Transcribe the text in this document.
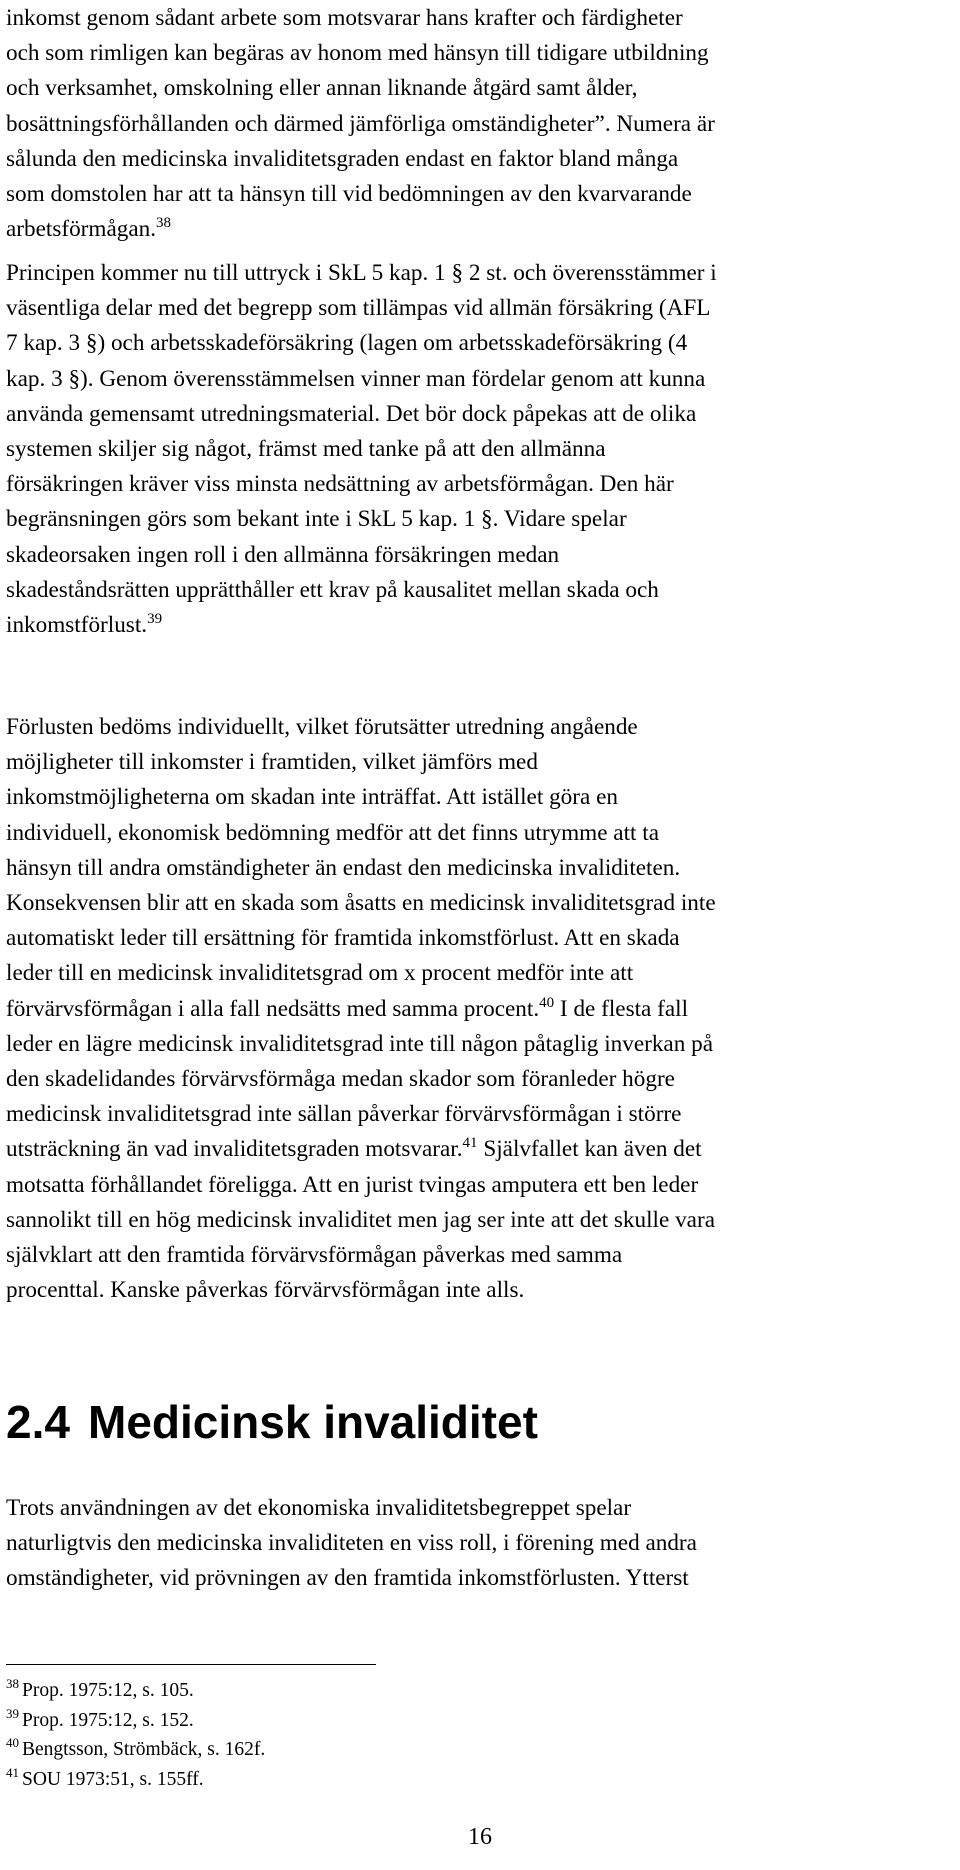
inkomst genom sådant arbete som motsvarar hans krafter och färdigheter
och som rimligen kan begäras av honom med hänsyn till tidigare utbildning
och verksamhet, omskolning eller annan liknande åtgärd samt ålder,
bosättningsförhållanden och därmed jämförliga omständigheter”. Numera är
sålunda den medicinska invaliditetsgraden endast en faktor bland många
som domstolen har att ta hänsyn till vid bedömningen av den kvarvarande
arbetsförmågan.$^{38}$

Principen kommer nu till uttryck i SkL 5 kap. 1 § 2 st. och överensstämmer i
väsentliga delar med det begrepp som tillämpas vid allmän försäkring (AFL
7 kap. 3 §) och arbetsskadeförsäkring (lagen om arbetsskadeförsäkring (4
kap. 3 §). Genom överensstämmelsen vinner man fördelar genom att kunna
använda gemensamt utredningsmaterial. Det bör dock påpekas att de olika
systemen skiljer sig något, främst med tanke på att den allmänna
försäkringen kräver viss minsta nedsättning av arbetsförmågan. Den här
begränsningen görs som bekant inte i SkL 5 kap. 1 §. Vidare spelar
skadeorsaken ingen roll i den allmänna försäkringen medan
skadeståndsrätten upprätthåller ett krav på kausalitet mellan skada och
inkomstförlust.$^{39}$

Förlusten bedöms individuellt, vilket förutsätter utredning angående
möjligheter till inkomster i framtiden, vilket jämförs med
inkomstmöjligheterna om skadan inte inträffat. Att istället göra en
individuell, ekonomisk bedömning medför att det finns utrymme att ta
hänsyn till andra omständigheter än endast den medicinska invaliditeten.
Konsekvensen blir att en skada som åsatts en medicinsk invaliditetsgrad inte
automatiskt leder till ersättning för framtida inkomstförlust. Att en skada
leder till en medicinsk invaliditetsgrad om x procent medför inte att
förvärvsförmågan i alla fall nedsätts med samma procent.$^{40}$ I de flesta fall
leder en lägre medicinsk invaliditetsgrad inte till någon påtaglig inverkan på
den skadelidandes förvärvsförmåga medan skador som föranleder högre
medicinsk invaliditetsgrad inte sällan påverkar förvärvsförmågan i större
utsträckning än vad invaliditetsgraden motsvarar.$^{41}$ Självfallet kan även det
motsatta förhållandet föreligga. Att en jurist tvingas amputera ett ben leder
sannolikt till en hög medicinsk invaliditet men jag ser inte att det skulle vara
självklart att den framtida förvärvsförmågan påverkas med samma
procenttal. Kanske påverkas förvärvsförmågan inte alls.

2.4 Medicinsk invaliditet

Trots användningen av det ekonomiska invaliditetsbegreppet spelar
naturligtvis den medicinska invaliditeten en viss roll, i förening med andra
omständigheter, vid prövningen av den framtida inkomstförlusten. Ytterst

$^{38}$ Prop. 1975:12, s. 105.
$^{39}$ Prop. 1975:12, s. 152.
$^{40}$ Bengtsson, Strömbäck, s. 162f.
$^{41}$ SOU 1973:51, s. 155ff.
16
